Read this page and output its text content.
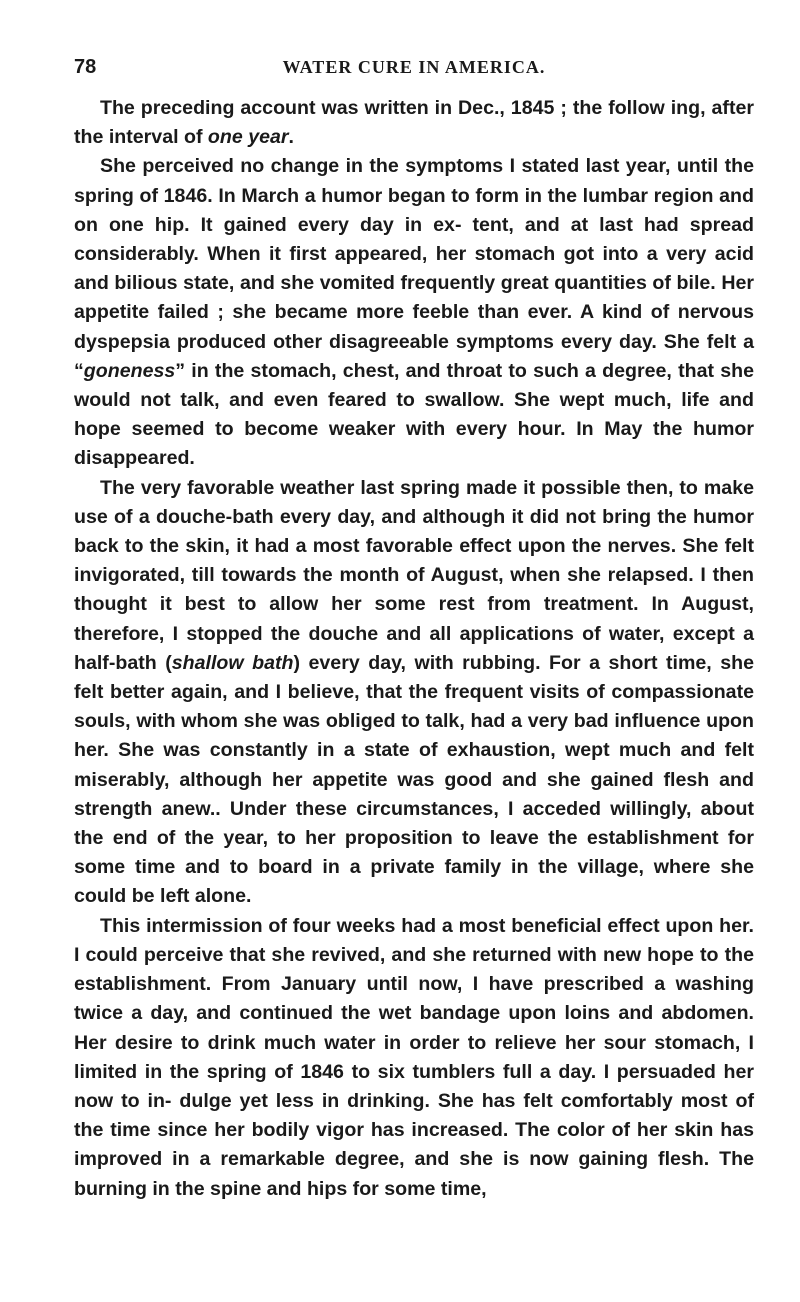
78	WATER CURE IN AMERICA.

The preceding account was written in Dec., 1845 ; the follow ing, after the interval of one year.

She perceived no change in the symptoms I stated last year, until the spring of 1846. In March a humor began to form in the lumbar region and on one hip. It gained every day in ex- tent, and at last had spread considerably. When it first appeared, her stomach got into a very acid and bilious state, and she vomited frequently great quantities of bile. Her appetite failed ; she became more feeble than ever. A kind of nervous dyspepsia produced other disagreeable symptoms every day. She felt a “goneness” in the stomach, chest, and throat to such a degree, that she would not talk, and even feared to swallow. She wept much, life and hope seemed to become weaker with every hour. In May the humor disappeared.

The very favorable weather last spring made it possible then, to make use of a douche-bath every day, and although it did not bring the humor back to the skin, it had a most favorable effect upon the nerves. She felt invigorated, till towards the month of August, when she relapsed. I then thought it best to allow her some rest from treatment. In August, therefore, I stopped the douche and all applications of water, except a half-bath (shallow bath) every day, with rubbing. For a short time, she felt better again, and I believe, that the frequent visits of compassionate souls, with whom she was obliged to talk, had a very bad influence upon her. She was constantly in a state of exhaustion, wept much and felt miserably, although her appetite was good and she gained flesh and strength anew.. Under these circumstances, I acceded willingly, about the end of the year, to her proposition to leave the establishment for some time and to board in a private family in the village, where she could be left alone.

This intermission of four weeks had a most beneficial effect upon her. I could perceive that she revived, and she returned with new hope to the establishment. From January until now, I have prescribed a washing twice a day, and continued the wet bandage upon loins and abdomen. Her desire to drink much water in order to relieve her sour stomach, I limited in the spring of 1846 to six tumblers full a day. I persuaded her now to in- dulge yet less in drinking. She has felt comfortably most of the time since her bodily vigor has increased. The color of her skin has improved in a remarkable degree, and she is now gaining flesh. The burning in the spine and hips for some time,
